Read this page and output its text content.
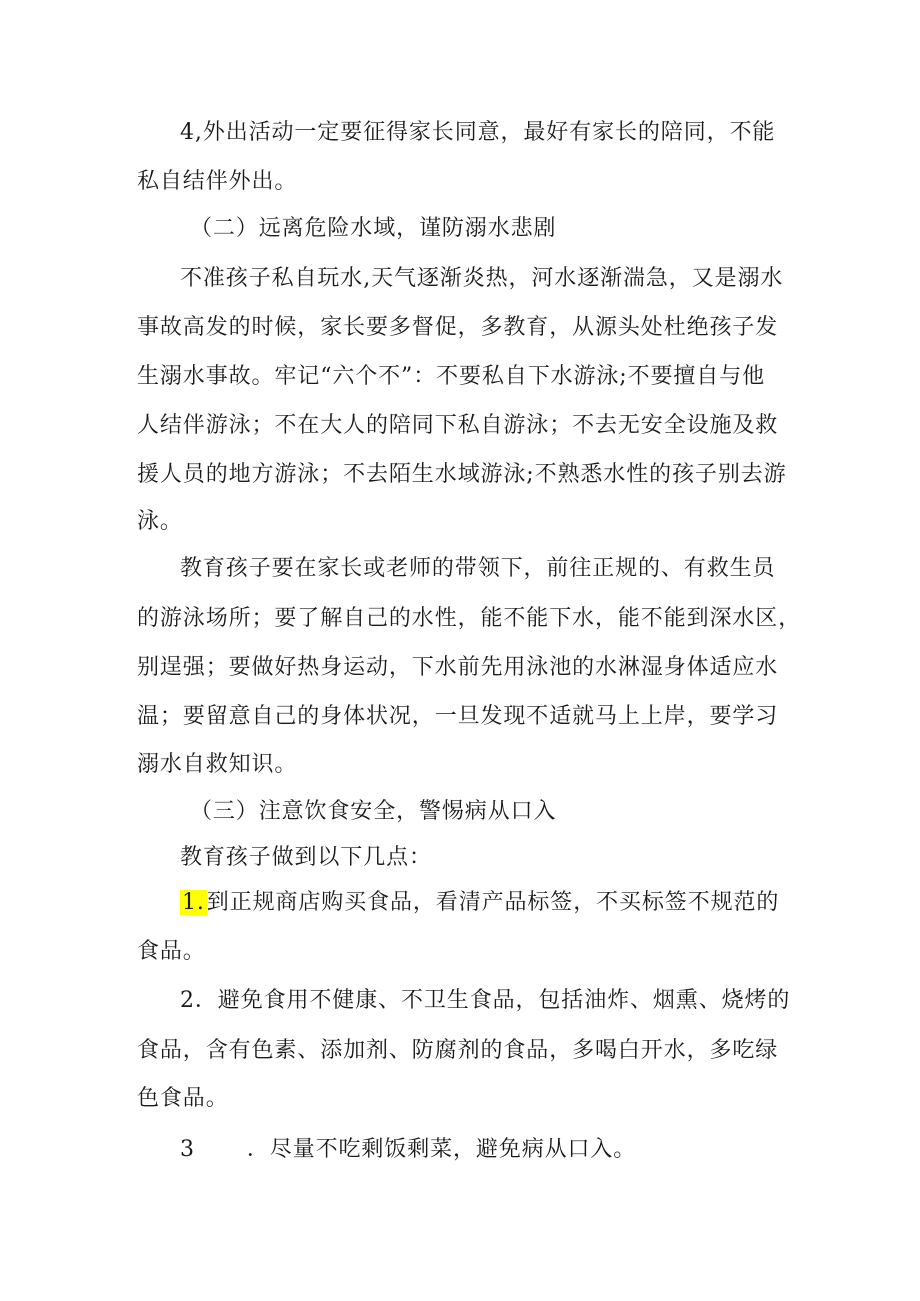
4,外出活动一定要征得家长同意，最好有家长的陪同，不能
私自结伴外出。
（二）远离危险水域，谨防溺水悲剧
不准孩子私自玩水,天气逐渐炎热，河水逐渐湍急，又是溺水
事故高发的时候，家长要多督促，多教育，从源头处杜绝孩子发
生溺水事故。牢记“六个不”：不要私自下水游泳;不要擅自与他
人结伴游泳；不在大人的陪同下私自游泳；不去无安全设施及救
援人员的地方游泳；不去陌生水域游泳;不熟悉水性的孩子别去游
泳。
教育孩子要在家长或老师的带领下，前往正规的、有救生员
的游泳场所；要了解自己的水性，能不能下水，能不能到深水区，
别逞强；要做好热身运动，下水前先用泳池的水淋湿身体适应水
温；要留意自己的身体状况，一旦发现不适就马上上岸，要学习
溺水自救知识。
（三）注意饮食安全，警惕病从口入
教育孩子做到以下几点：
1.到正规商店购买食品，看清产品标签，不买标签不规范的
食品。
2．避免食用不健康、不卫生食品，包括油炸、烟熏、烧烤的
食品，含有色素、添加剂、防腐剂的食品，多喝白开水，多吃绿
色食品。
3 ．尽量不吃剩饭剩菜，避免病从口入。
